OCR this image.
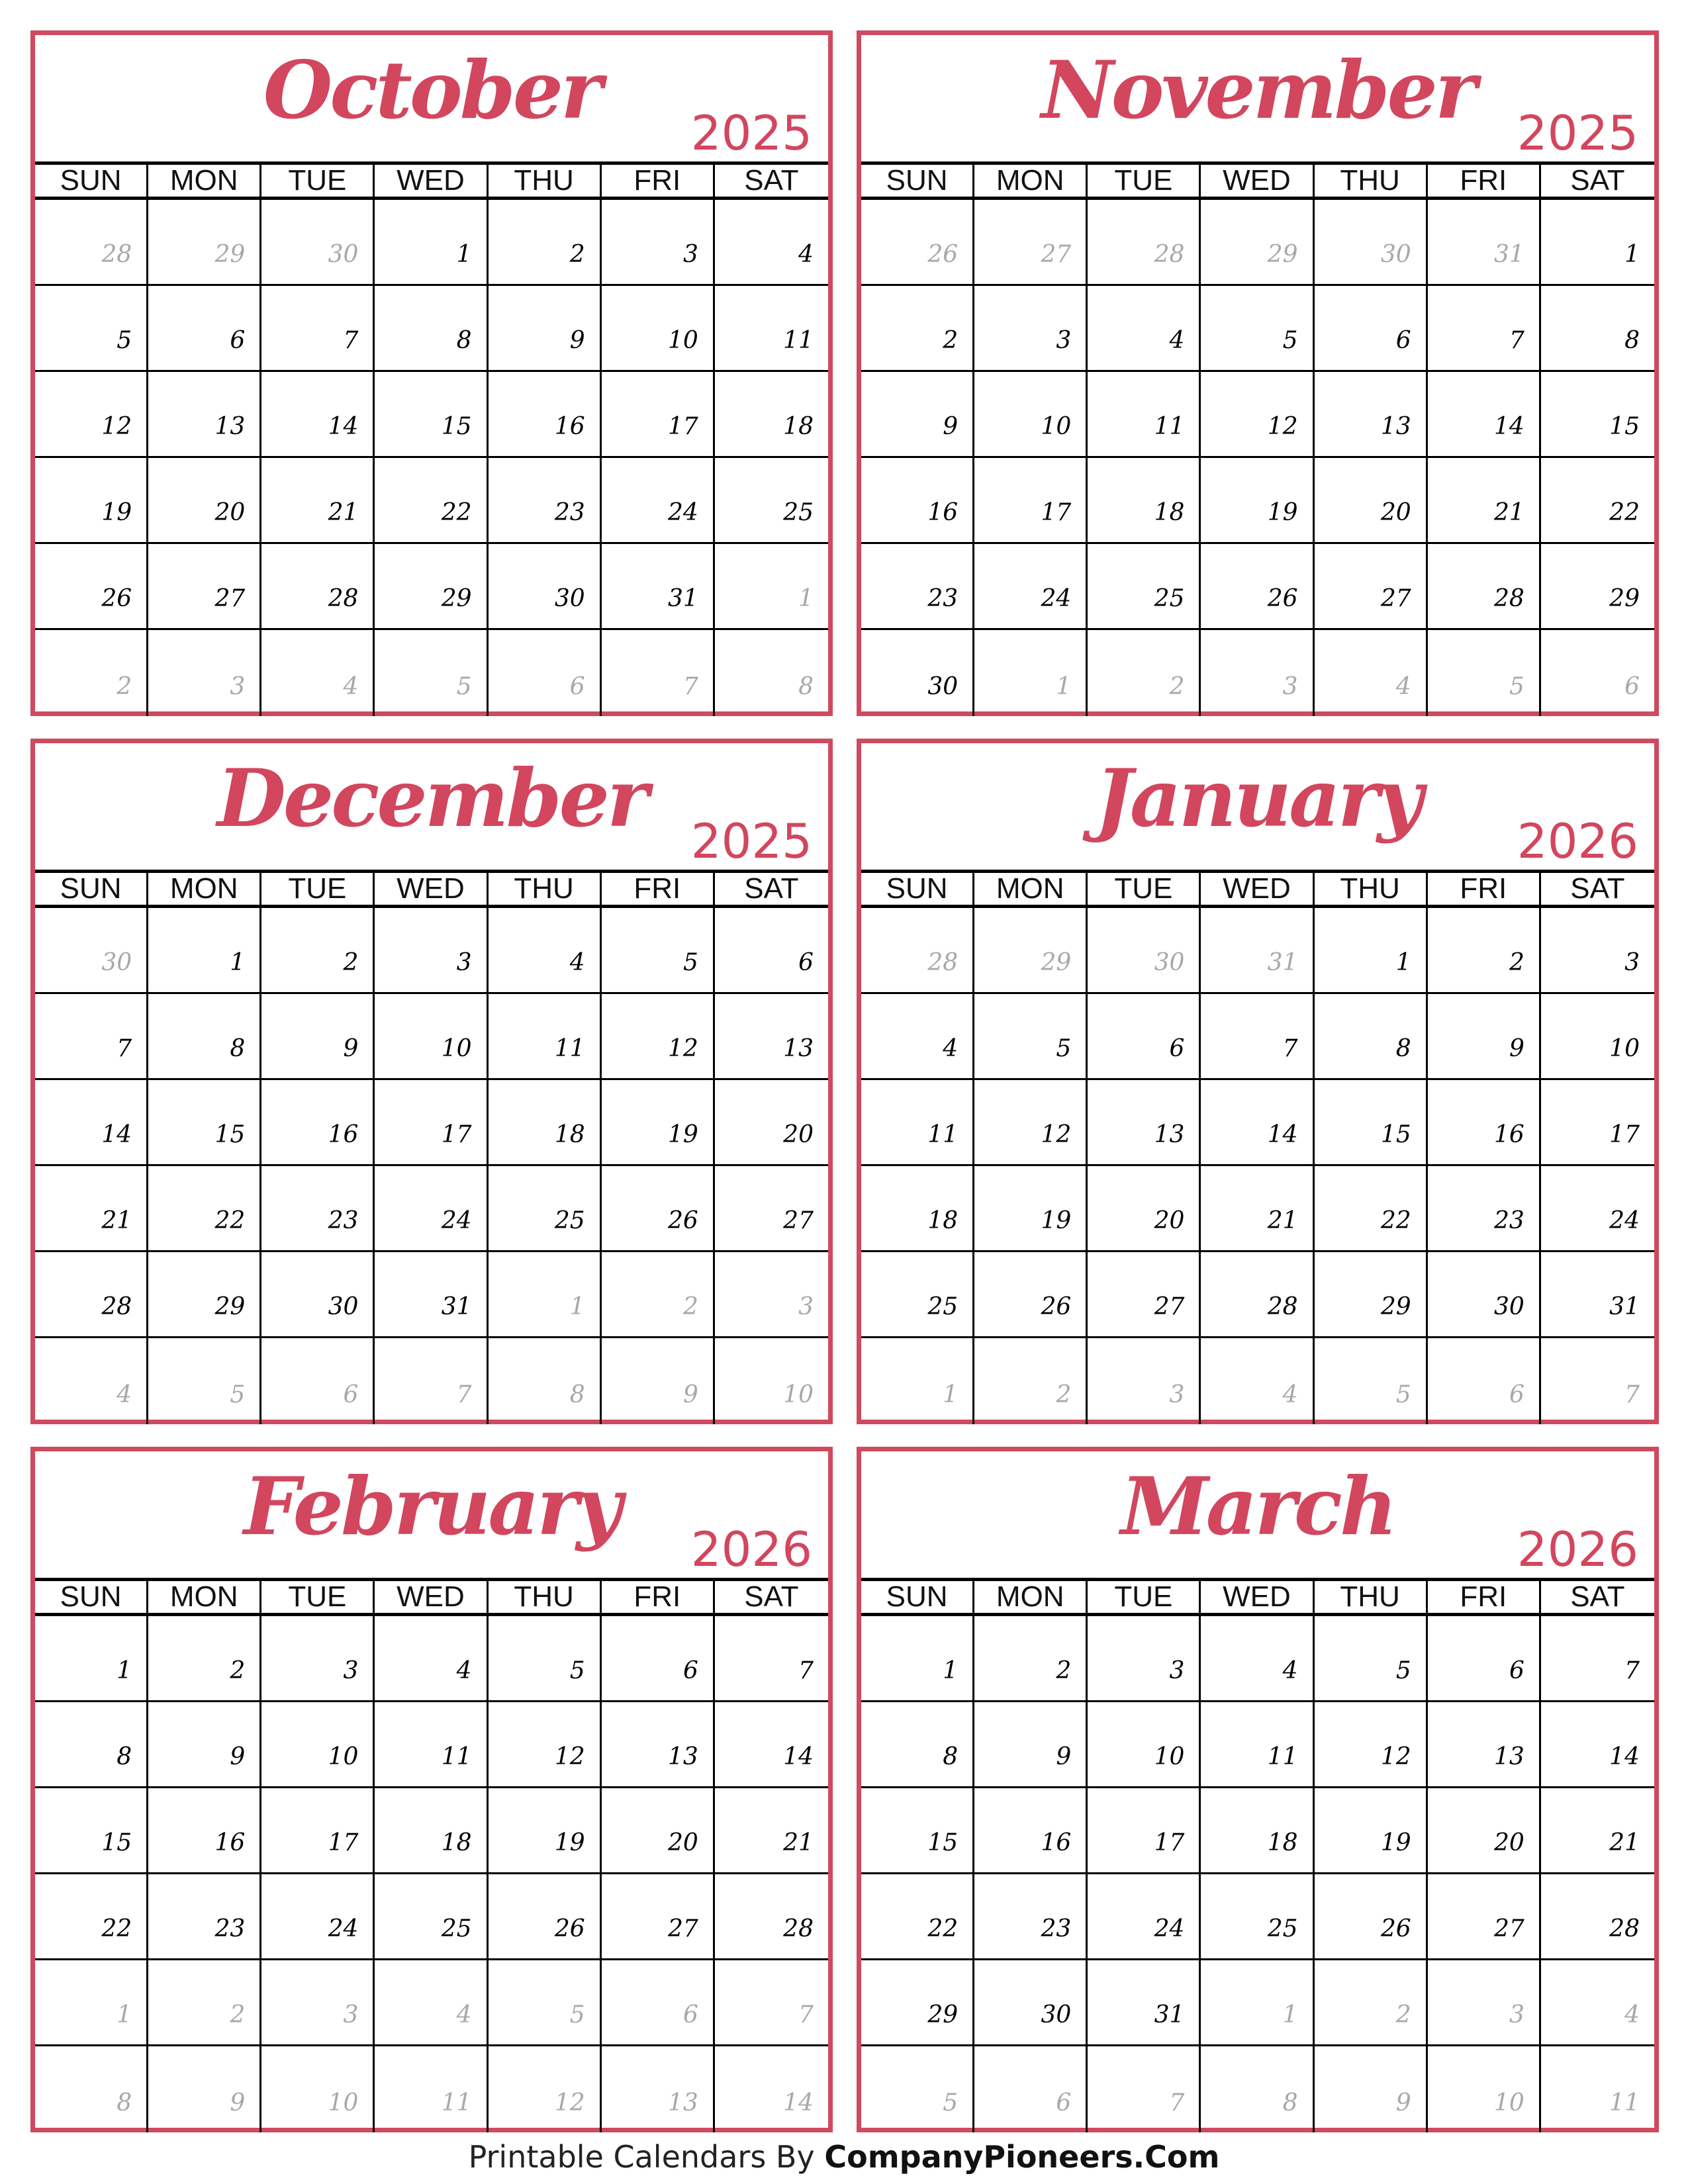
October	2025
SUN	MON	TUE	WED	THU	FRI	SAT
28	29	30	1	2	3	4
5	6	7	8	9	10	11
12	13	14	15	16	17	18
19	20	21	22	23	24	25
26	27	28	29	30	31	1
2	3	4	5	6	7	8
November 2025
SUN	MON	TUE	WED	THU	FRI	SAT
26	27	28	29	30	31	1
2	3	4	5	6	7	8
9	10	11	12	13	14	15
16	17	18	19	20	21	22
23	24	25	26	27	28	29
30	1	2	3	4	5	6
December 2025
SUN	MON	TUE	WED	THU	FRI	SAT
30	1	2	3	4	5	6
7	8	9	10	11	12	13
14	15	16	17	18	19	20
21	22	23	24	25	26	27
28	29	30	31	1	2	3
4	5	6	7	8	9	10
January	2026
SUN	MON	TUE	WED	THU	FRI	SAT
28	29	30	31	1	2	3
4	5	6	7	8	9	10
11	12	13	14	15	16	17
18	19	20	21	22	23	24
25	26	27	28	29	30	31
1	2	3	4	5	6	7
February	2026
SUN	MON	TUE	WED	THU	FRI	SAT
1	2	3	4	5	6	7
8	9	10	11	12	13	14
15	16	17	18	19	20	21
22	23	24	25	26	27	28
1	2	3	4	5	6	7
8	9	10	11	12	13	14
March	2026
SUN	MON	TUE	WED	THU	FRI	SAT
1	2	3	4	5	6	7
8	9	10	11	12	13	14
15	16	17	18	19	20	21
22	23	24	25	26	27	28
29	30	31	1	2	3	4
5	6	7	8	9	10	11
Printable Calendars By CompanyPioneers.Com
